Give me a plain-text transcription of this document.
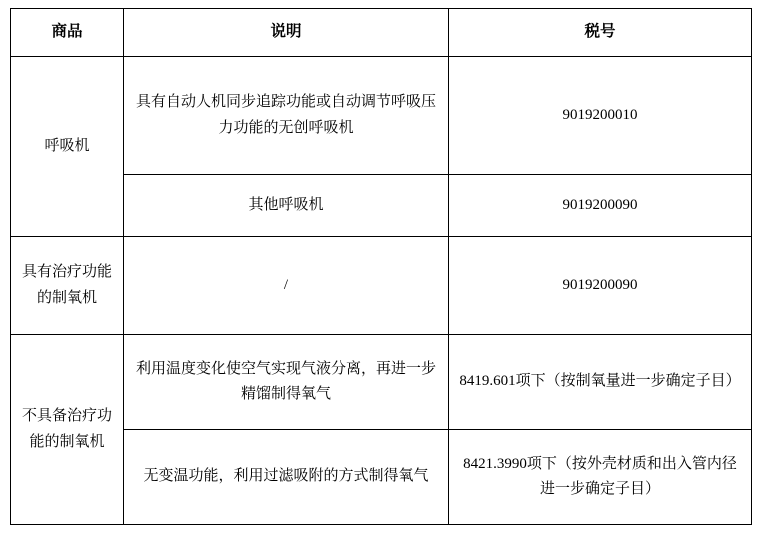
商品	说明	税号
呼吸机	具有自动人机同步追踪功能或自动调节呼吸压力功能的无创呼吸机	9019200010
	其他呼吸机	9019200090
具有治疗功能的制氧机	/	9019200090
不具备治疗功能的制氧机	利用温度变化使空气实现气液分离，再进一步精馏制得氧气	8419.601项下（按制氧量进一步确定子目）
	无变温功能，利用过滤吸附的方式制得氧气	8421.3990项下（按外壳材质和出入管内径进一步确定子目）
